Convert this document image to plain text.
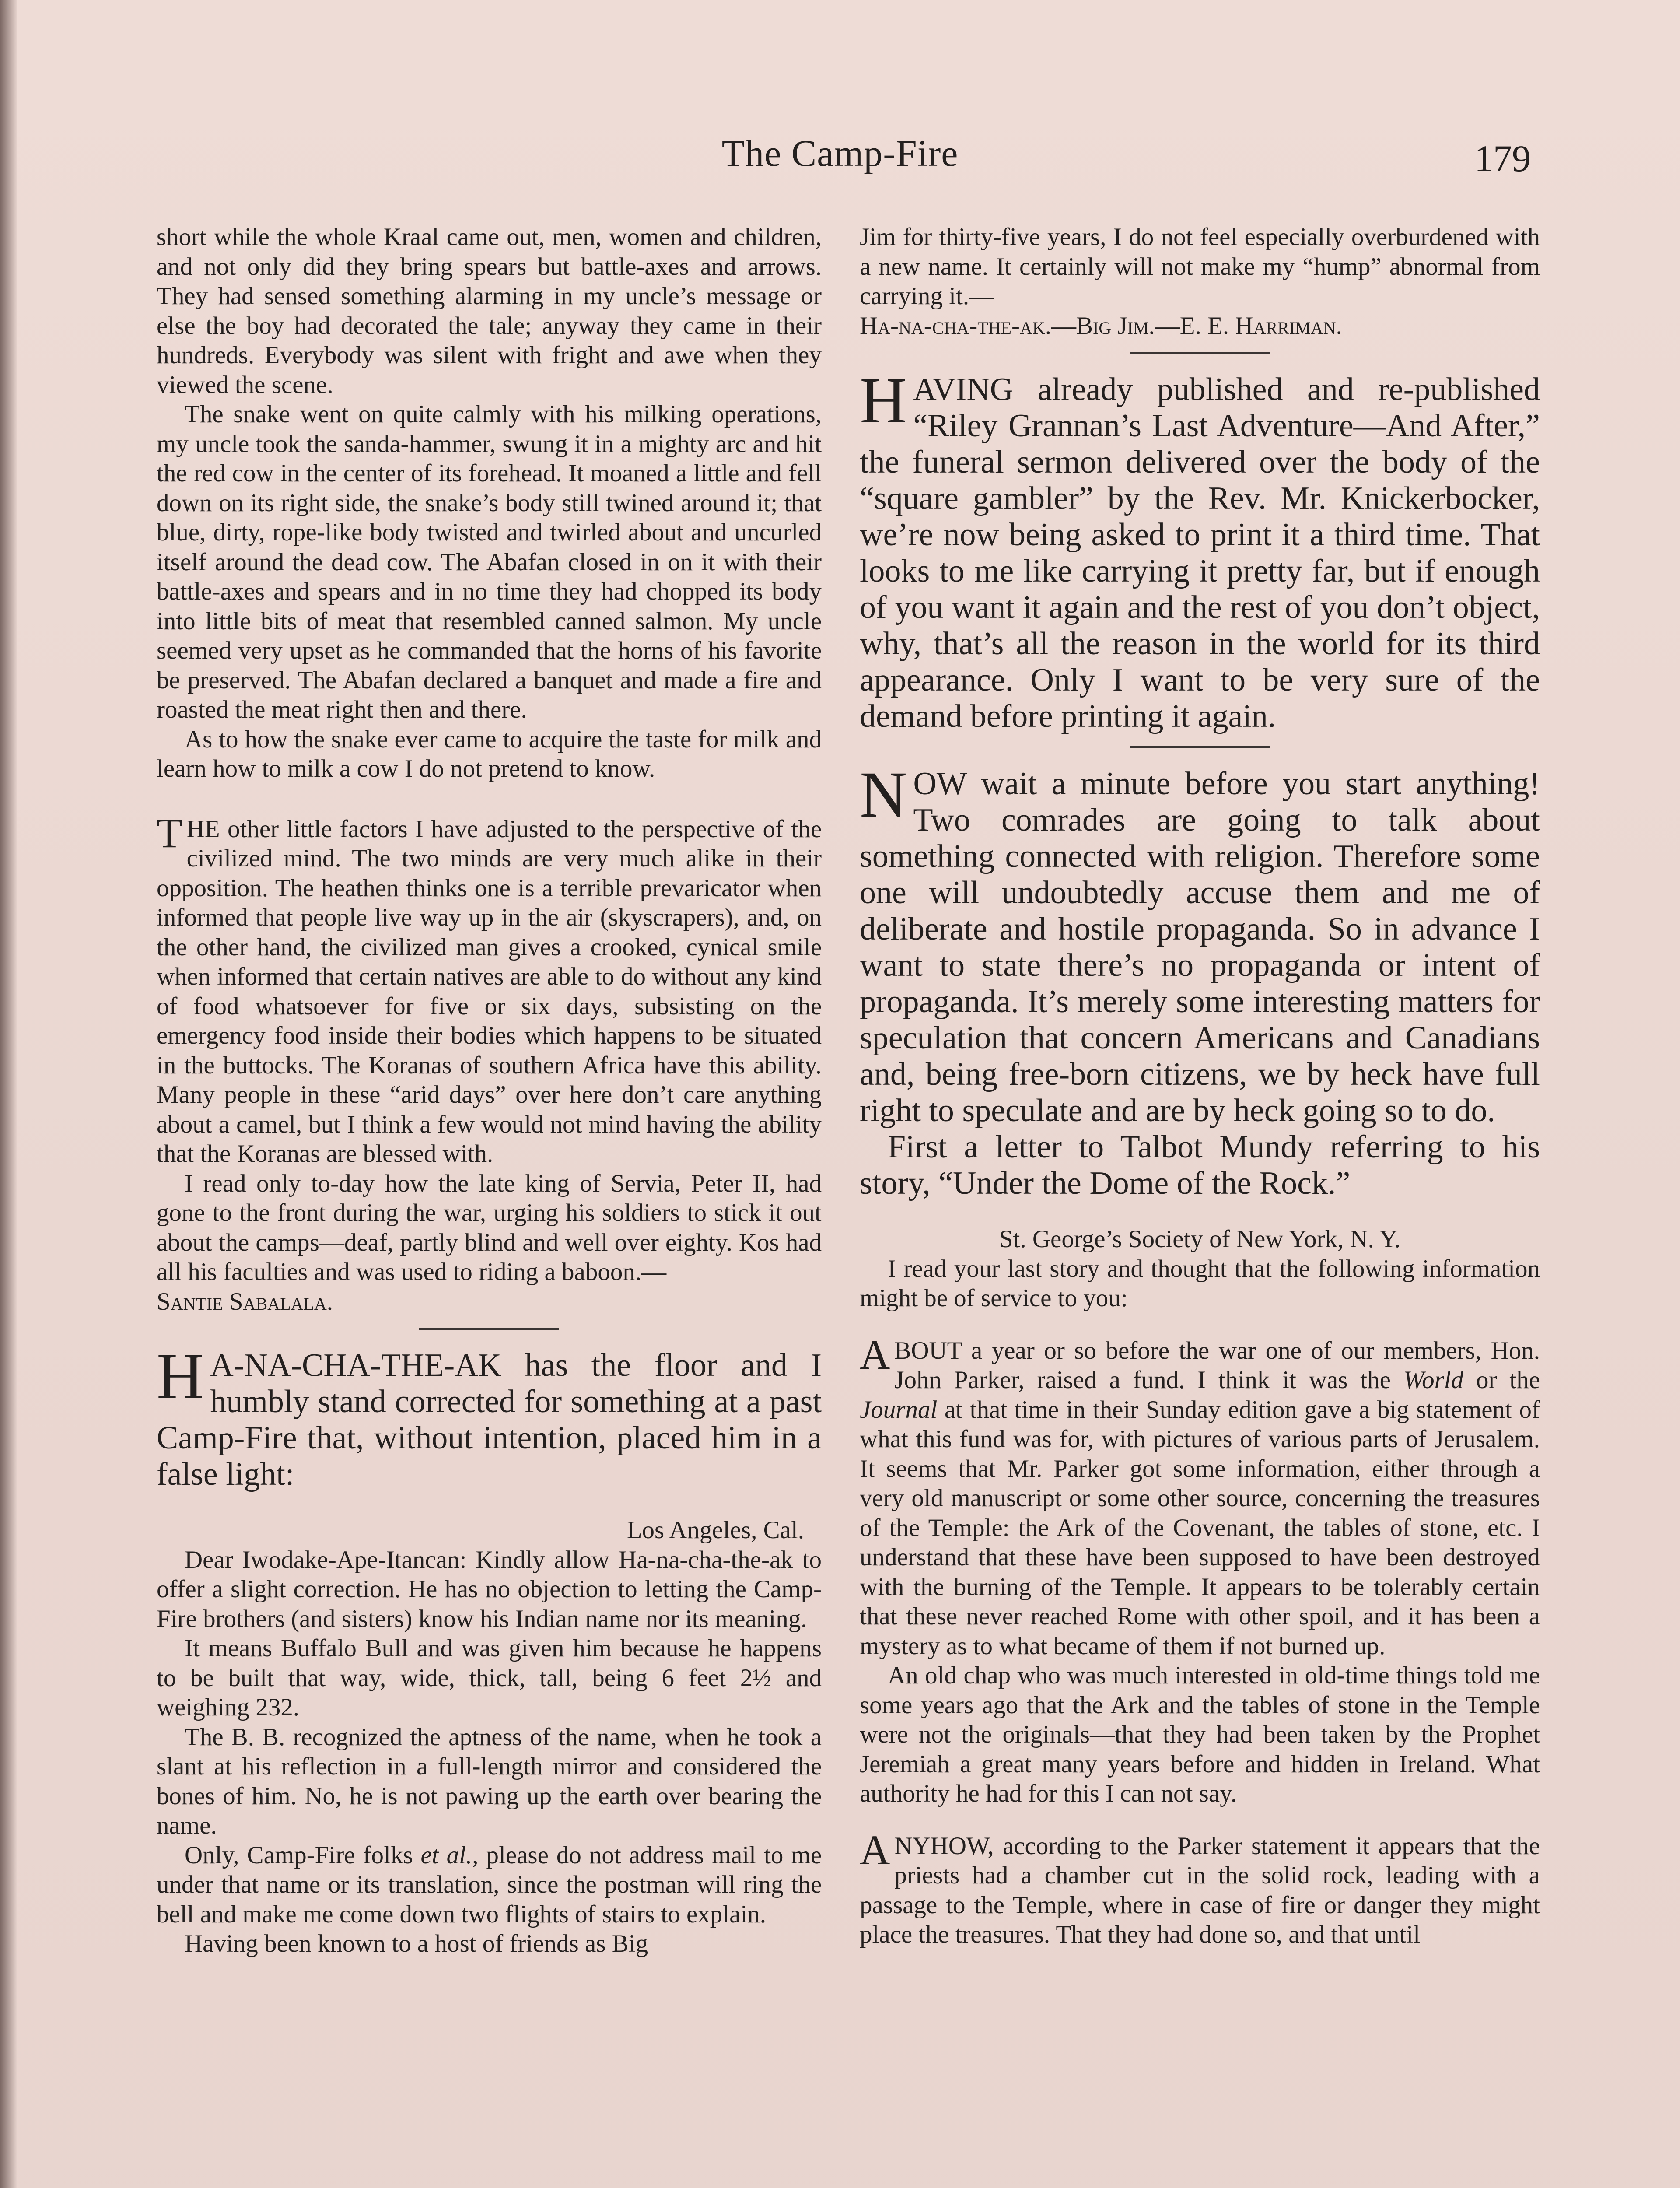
The Camp-Fire	179

short while the whole Kraal came out, men, women and children, and not only did they bring spears but battle-axes and arrows. They had sensed something alarming in my uncle’s message or else the boy had decorated the tale; anyway they came in their hundreds. Everybody was silent with fright and awe when they viewed the scene.

The snake went on quite calmly with his milking operations, my uncle took the sanda-hammer, swung it in a mighty arc and hit the red cow in the center of its forehead. It moaned a little and fell down on its right side, the snake’s body still twined around it; that blue, dirty, rope-like body twisted and twirled about and uncurled itself around the dead cow. The Abafan closed in on it with their battle-axes and spears and in no time they had chopped its body into little bits of meat that resembled canned salmon. My uncle seemed very upset as he commanded that the horns of his favorite be preserved. The Abafan declared a banquet and made a fire and roasted the meat right then and there.

As to how the snake ever came to acquire the taste for milk and learn how to milk a cow I do not pretend to know.

THE other little factors I have adjusted to the perspective of the civilized mind. The two minds are very much alike in their opposition. The heathen thinks one is a terrible prevaricator when informed that people live way up in the air (skyscrapers), and, on the other hand, the civilized man gives a crooked, cynical smile when informed that certain natives are able to do without any kind of food whatsoever for five or six days, subsisting on the emergency food inside their bodies which happens to be situated in the buttocks. The Koranas of southern Africa have this ability. Many people in these “arid days” over here don’t care anything about a camel, but I think a few would not mind having the ability that the Koranas are blessed with.

I read only to-day how the late king of Servia, Peter II, had gone to the front during the war, urging his soldiers to stick it out about the camps—deaf, partly blind and well over eighty. Kos had all his faculties and was used to riding a baboon.—

Santie Sabalala.

H A-NA-CHA-THE-AK has the floor and I humbly stand corrected for something at a past Camp-Fire that, without intention, placed him in a false light:

Los Angeles, Cal.

Dear Iwodake-Ape-Itancan: Kindly allow Ha-na-cha-the-ak to offer a slight correction. He has no objection to letting the Camp-Fire brothers (and sisters) know his Indian name nor its meaning.

It means Buffalo Bull and was given him because he happens to be built that way, wide, thick, tall, being 6 feet 2½ and weighing 232.

The B. B. recognized the aptness of the name, when he took a slant at his reflection in a full-length mirror and considered the bones of him. No, he is not pawing up the earth over bearing the name.

Only, Camp-Fire folks et al., please do not address mail to me under that name or its translation, since the postman will ring the bell and make me come down two flights of stairs to explain.

Having been known to a host of friends as Big

Jim for thirty-five years, I do not feel especially overburdened with a new name. It certainly will not make my “hump” abnormal from carrying it.—

Ha-na-cha-the-ak.—Big Jim.—E. E. Harriman.

HAVING already published and re-published “Riley Grannan’s Last Adventure—And After,” the funeral sermon delivered over the body of the “square gambler” by the Rev. Mr. Knickerbocker, we’re now being asked to print it a third time. That looks to me like carrying it pretty far, but if enough of you want it again and the rest of you don’t object, why, that’s all the reason in the world for its third appearance. Only I want to be very sure of the demand before printing it again.

NOW wait a minute before you start anything! Two comrades are going to talk about something connected with religion. Therefore some one will undoubtedly accuse them and me of deliberate and hostile propaganda. So in advance I want to state there’s no propaganda or intent of propaganda. It’s merely some interesting matters for speculation that concern Americans and Canadians and, being free-born citizens, we by heck have full right to speculate and are by heck going so to do.

First a letter to Talbot Mundy referring to his story, “Under the Dome of the Rock.”

St. George’s Society of New York, N. Y.

I read your last story and thought that the following information might be of service to you:

ABOUT a year or so before the war one of our members, Hon. John Parker, raised a fund. I think it was the World or the Journal at that time in their Sunday edition gave a big statement of what this fund was for, with pictures of various parts of Jerusalem. It seems that Mr. Parker got some information, either through a very old manuscript or some other source, concerning the treasures of the Temple: the Ark of the Covenant, the tables of stone, etc. I understand that these have been supposed to have been destroyed with the burning of the Temple. It appears to be tolerably certain that these never reached Rome with other spoil, and it has been a mystery as to what became of them if not burned up.

An old chap who was much interested in old-time things told me some years ago that the Ark and the tables of stone in the Temple were not the originals—that they had been taken by the Prophet Jeremiah a great many years before and hidden in Ireland. What authority he had for this I can not say.

ANYHOW, according to the Parker statement it appears that the priests had a chamber cut in the solid rock, leading with a passage to the Temple, where in case of fire or danger they might place the treasures. That they had done so, and that until
